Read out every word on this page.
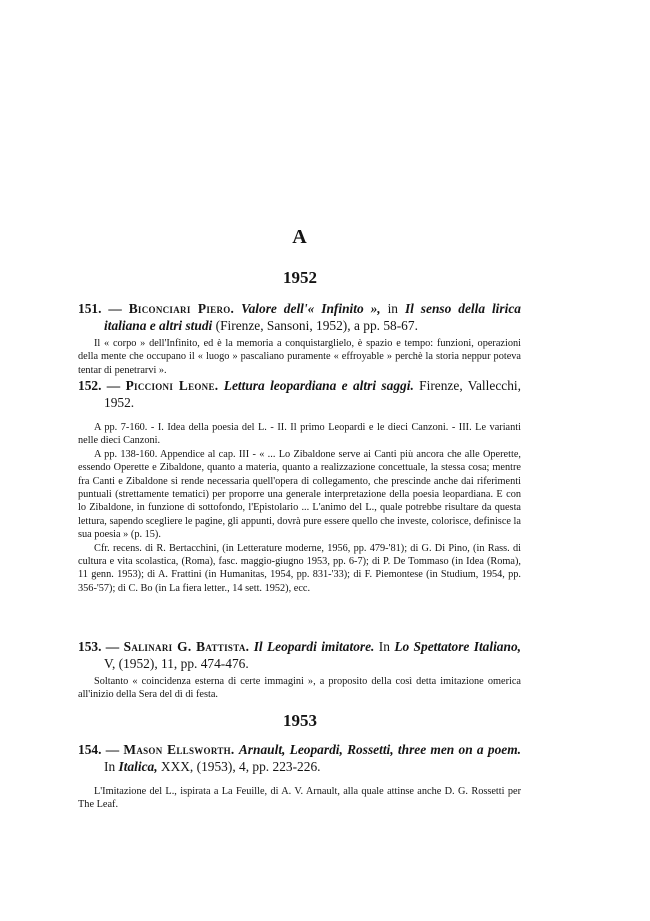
A
1952
151. — Biconciari Piero. Valore dell'« Infinito », in Il senso della lirica italiana e altri studi (Firenze, Sansoni, 1952), a pp. 58-67.

Il « corpo » dell'Infinito, ed è la memoria a conquistarglielo, è spazio e tempo: funzioni, operazioni della mente che occupano il « luogo » pascaliano puramente « effroyable » perchè la storia neppur poteva tentar di penetrarvi ».

152. — Piccioni Leone. Lettura leopardiana e altri saggi. Firenze, Vallecchi, 1952.

A pp. 7-160. - I. Idea della poesia del L. - II. Il primo Leopardi e le dieci Canzoni. - III. Le varianti nelle dieci Canzoni.

A pp. 138-160. Appendice al cap. III - « ... Lo Zibaldone serve ai Canti più ancora che alle Operette, essendo Operette e Zibaldone, quanto a materia, quanto a realizzazione concettuale, la stessa cosa; mentre fra Canti e Zibaldone si rende necessaria quell'opera di collegamento, che prescinde anche dai riferimenti puntuali (strettamente tematici) per proporre una generale interpretazione della poesia leopardiana. E con lo Zibaldone, in funzione di sottofondo, l'Epistolario ... L'animo del L., quale potrebbe risultare da questa lettura, sapendo scegliere le pagine, gli appunti, dovrà pure essere quello che investe, colorisce, definisce la sua poesia » (p. 15).

Cfr. recens. di R. Bertacchini, (in Letterature moderne, 1956, pp. 479-'81); di G. Di Pino, (in Rass. di cultura e vita scolastica, (Roma), fasc. maggio-giugno 1953, pp. 6-7); di P. De Tommaso (in Idea (Roma), 11 genn. 1953); di A. Frattini (in Humanitas, 1954, pp. 831-'33); di F. Piemontese (in Studium, 1954, pp. 356-'57); di C. Bo (in La fiera letter., 14 sett. 1952), ecc.

153. — Salinari G. Battista. Il Leopardi imitatore. In Lo Spettatore Italiano, V, (1952), 11, pp. 474-476.

Soltanto « coincidenza esterna di certe immagini », a proposito della così detta imitazione omerica all'inizio della Sera del dì di festa.

1953
154. — Mason Ellsworth. Arnault, Leopardi, Rossetti, three men on a poem. In Italica, XXX, (1953), 4, pp. 223-226.

L'Imitazione del L., ispirata a La Feuille, di A. V. Arnault, alla quale attinse anche D. G. Rossetti per The Leaf.
